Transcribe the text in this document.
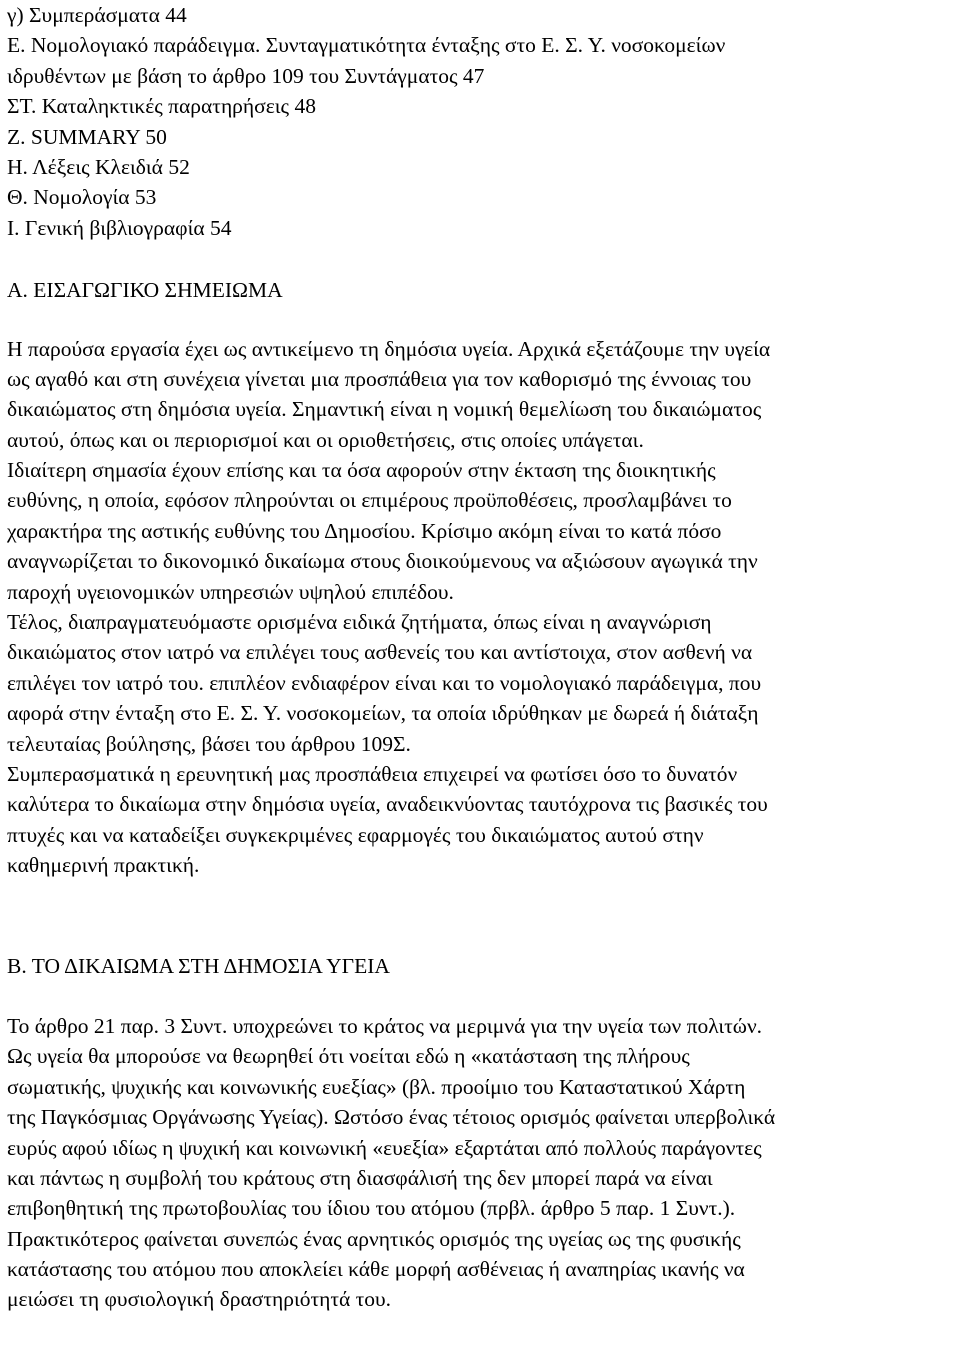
γ) Συμπεράσματα 44
Ε. Νομολογιακό παράδειγμα. Συνταγματικότητα ένταξης στο Ε. Σ. Υ. νοσοκομείων
ιδρυθέντων με βάση το άρθρο 109 του Συντάγματος 47
ΣΤ. Καταληκτικές παρατηρήσεις 48
Ζ. SUMMARY 50
Η. Λέξεις Κλειδιά 52
Θ. Νομολογία 53
Ι. Γενική βιβλιογραφία 54
Α. ΕΙΣΑΓΩΓΙΚΟ ΣΗΜΕΙΩΜΑ
Η παρούσα εργασία έχει ως αντικείμενο τη δημόσια υγεία. Αρχικά εξετάζουμε την υγεία
ως αγαθό και στη συνέχεια γίνεται μια προσπάθεια για τον καθορισμό της έννοιας του
δικαιώματος στη δημόσια υγεία. Σημαντική είναι η νομική θεμελίωση του δικαιώματος
αυτού, όπως και οι περιορισμοί και οι οριοθετήσεις, στις οποίες υπάγεται.
Ιδιαίτερη σημασία έχουν επίσης και τα όσα αφορούν στην έκταση της διοικητικής
ευθύνης, η οποία, εφόσον πληρούνται οι επιμέρους προϋποθέσεις, προσλαμβάνει το
χαρακτήρα της αστικής ευθύνης του Δημοσίου. Κρίσιμο ακόμη είναι το κατά πόσο
αναγνωρίζεται το δικονομικό δικαίωμα στους διοικούμενους να αξιώσουν αγωγικά την
παροχή υγειονομικών υπηρεσιών υψηλού επιπέδου.
Τέλος, διαπραγματευόμαστε ορισμένα ειδικά ζητήματα, όπως είναι η αναγνώριση
δικαιώματος στον ιατρό να επιλέγει τους ασθενείς του και αντίστοιχα, στον ασθενή να
επιλέγει τον ιατρό του. επιπλέον ενδιαφέρον είναι και το νομολογιακό παράδειγμα, που
αφορά στην ένταξη στο Ε. Σ. Υ. νοσοκομείων, τα οποία ιδρύθηκαν με δωρεά ή διάταξη
τελευταίας βούλησης, βάσει του άρθρου 109Σ.
Συμπερασματικά η ερευνητική μας προσπάθεια επιχειρεί να φωτίσει όσο το δυνατόν
καλύτερα το δικαίωμα στην δημόσια υγεία, αναδεικνύοντας ταυτόχρονα τις βασικές του
πτυχές και να καταδείξει συγκεκριμένες εφαρμογές του δικαιώματος αυτού στην
καθημερινή πρακτική.
Β. ΤΟ ΔΙΚΑΙΩΜΑ ΣΤΗ ΔΗΜΟΣΙΑ ΥΓΕΙΑ
Το άρθρο 21 παρ. 3 Συντ. υποχρεώνει το κράτος να μεριμνά για την υγεία των πολιτών.
Ως υγεία θα μπορούσε να θεωρηθεί ότι νοείται εδώ η «κατάσταση της πλήρους
σωματικής, ψυχικής και κοινωνικής ευεξίας» (βλ. προοίμιο του Καταστατικού Χάρτη
της Παγκόσμιας Οργάνωσης Υγείας). Ωστόσο ένας τέτοιος ορισμός φαίνεται υπερβολικά
ευρύς αφού ιδίως η ψυχική και κοινωνική «ευεξία» εξαρτάται από πολλούς παράγοντες
και πάντως η συμβολή του κράτους στη διασφάλισή της δεν μπορεί παρά να είναι
επιβοηθητική της πρωτοβουλίας του ίδιου του ατόμου (πρβλ. άρθρο 5 παρ. 1 Συντ.).
Πρακτικότερος φαίνεται συνεπώς ένας αρνητικός ορισμός της υγείας ως της φυσικής
κατάστασης του ατόμου που αποκλείει κάθε μορφή ασθένειας ή αναπηρίας ικανής να
μειώσει τη φυσιολογική δραστηριότητά του.
